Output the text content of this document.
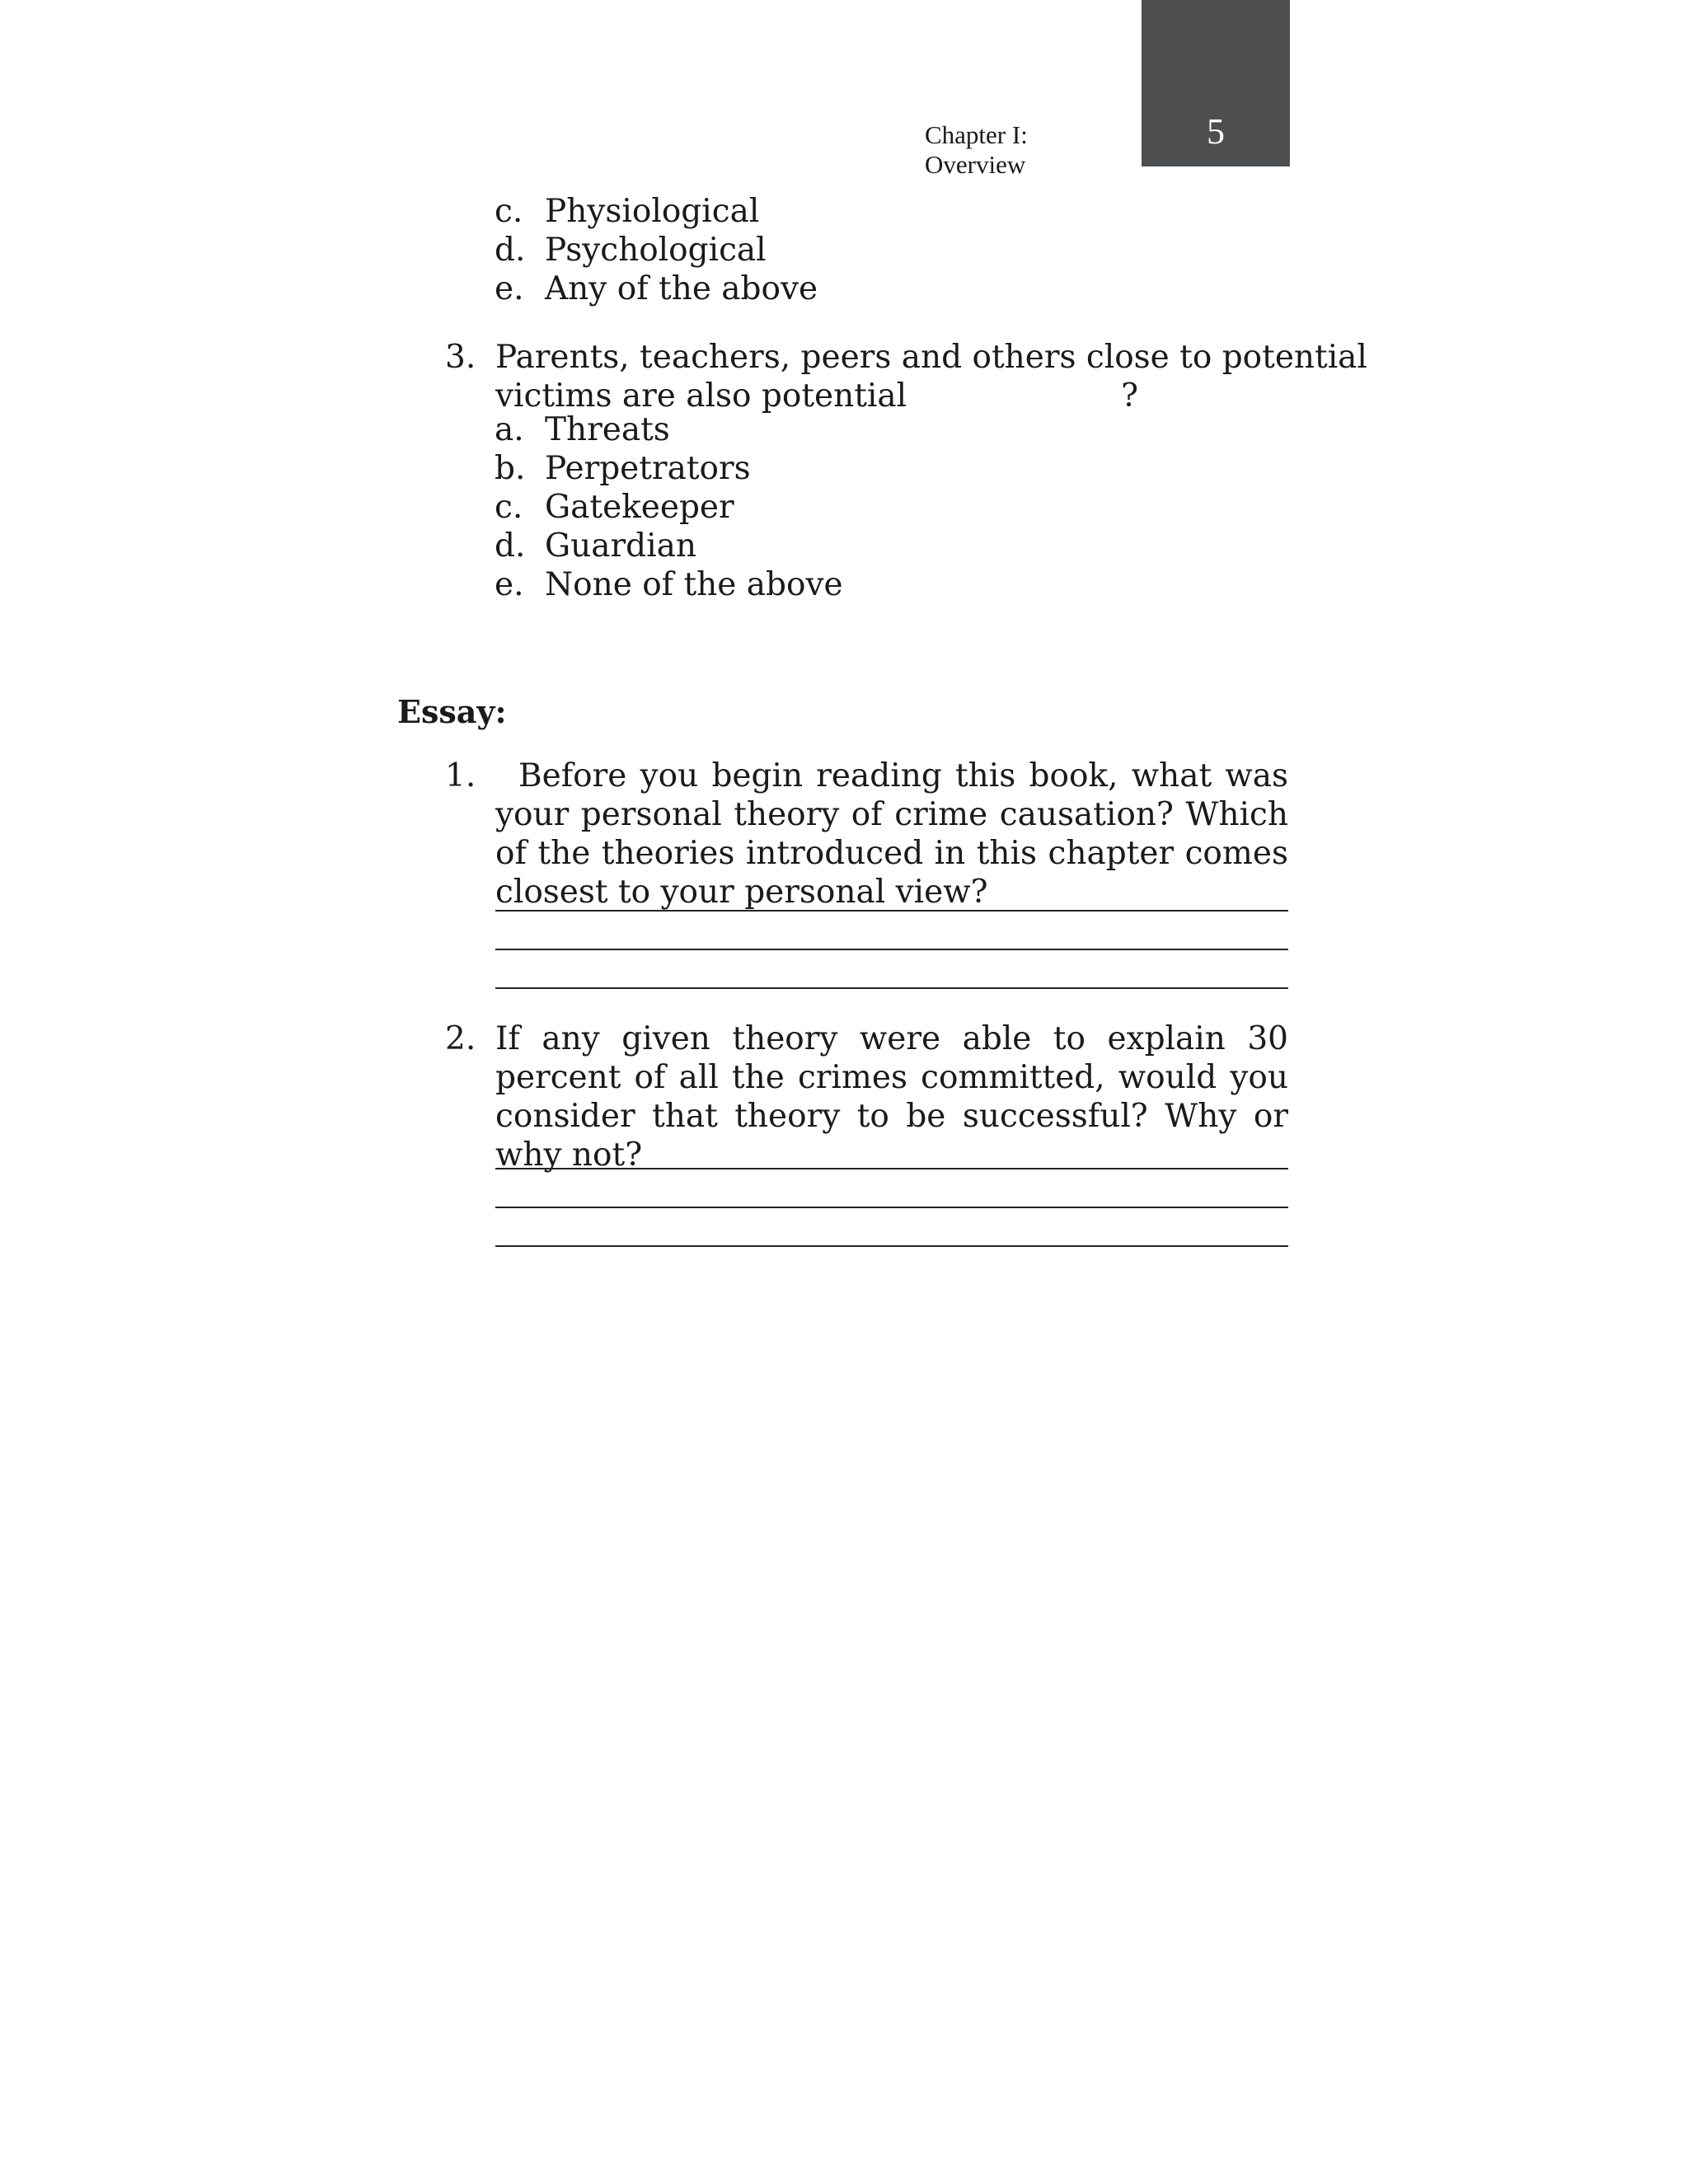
5
Chapter I:
Overview
c. Physiological
d. Psychological
e. Any of the above
3. Parents, teachers, peers and others close to potential
victims are also potential	?
a. Threats
b. Perpetrators
c. Gatekeeper
d. Guardian
e. None of the above
Essay:
1.	Before you begin reading this book, what was your personal theory of crime causation? Which of the theories introduced in this chapter comes closest to your personal view?
2. If any given theory were able to explain 30 percent of all the crimes committed, would you consider that theory to be successful? Why or why not?
